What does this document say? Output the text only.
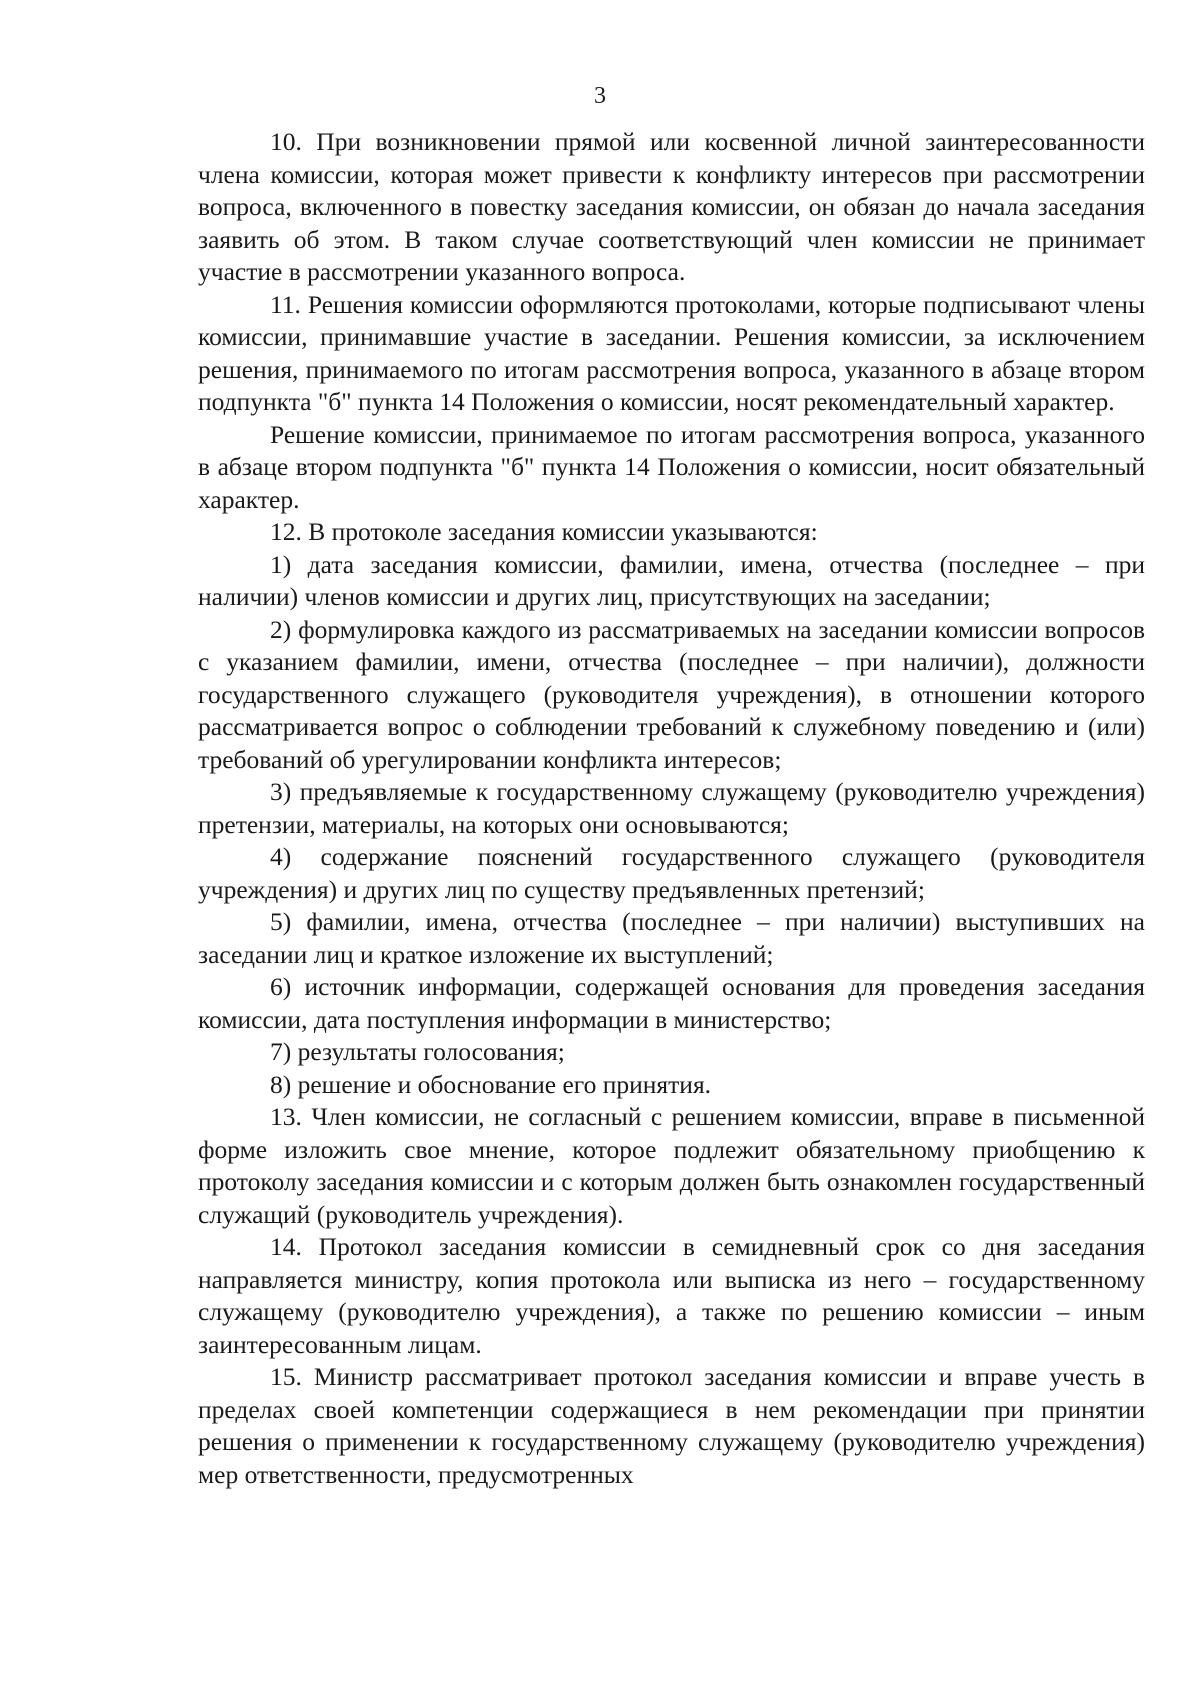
3

10. При возникновении прямой или косвенной личной заинтересованности члена комиссии, которая может привести к конфликту интересов при рассмотрении вопроса, включенного в повестку заседания комиссии, он обязан до начала заседания заявить об этом. В таком случае соответствующий член комиссии не принимает участие в рассмотрении указанного вопроса.

11. Решения комиссии оформляются протоколами, которые подписывают члены комиссии, принимавшие участие в заседании. Решения комиссии, за исключением решения, принимаемого по итогам рассмотрения вопроса, указанного в абзаце втором подпункта "б" пункта 14 Положения о комиссии, носят рекомендательный характер.

Решение комиссии, принимаемое по итогам рассмотрения вопроса, указанного в абзаце втором подпункта "б" пункта 14 Положения о комиссии, носит обязательный характер.

12. В протоколе заседания комиссии указываются:

1) дата заседания комиссии, фамилии, имена, отчества (последнее – при наличии) членов комиссии и других лиц, присутствующих на заседании;

2) формулировка каждого из рассматриваемых на заседании комиссии вопросов с указанием фамилии, имени, отчества (последнее – при наличии), должности государственного служащего (руководителя учреждения), в отношении которого рассматривается вопрос о соблюдении требований к служебному поведению и (или) требований об урегулировании конфликта интересов;

3) предъявляемые к государственному служащему (руководителю учреждения) претензии, материалы, на которых они основываются;

4) содержание пояснений государственного служащего (руководителя учреждения) и других лиц по существу предъявленных претензий;

5) фамилии, имена, отчества (последнее – при наличии) выступивших на заседании лиц и краткое изложение их выступлений;

6) источник информации, содержащей основания для проведения заседания комиссии, дата поступления информации в министерство;

7) результаты голосования;

8) решение и обоснование его принятия.

13. Член комиссии, не согласный с решением комиссии, вправе в письменной форме изложить свое мнение, которое подлежит обязательному приобщению к протоколу заседания комиссии и с которым должен быть ознакомлен государственный служащий (руководитель учреждения).

14. Протокол заседания комиссии в семидневный срок со дня заседания направляется министру, копия протокола или выписка из него – государственному служащему (руководителю учреждения), а также по решению комиссии – иным заинтересованным лицам.

15. Министр рассматривает протокол заседания комиссии и вправе учесть в пределах своей компетенции содержащиеся в нем рекомендации при принятии решения о применении к государственному служащему (руководителю учреждения) мер ответственности, предусмотренных
